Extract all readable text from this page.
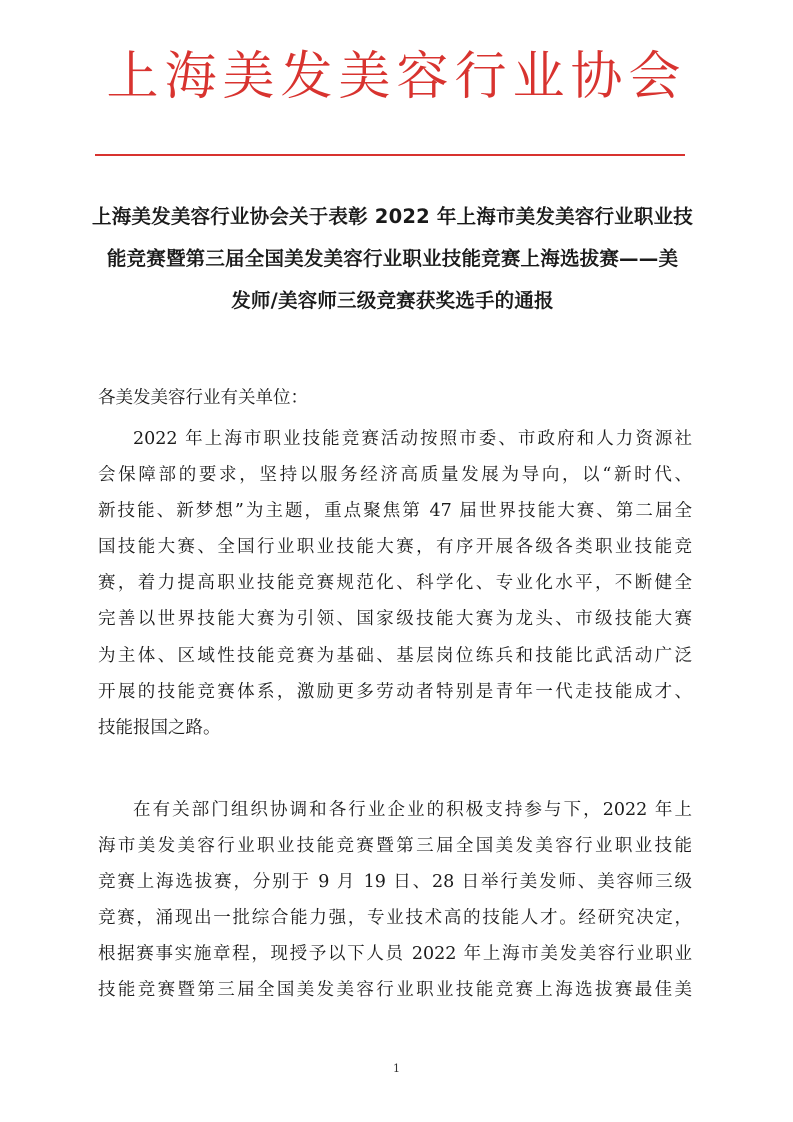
上海美发美容行业协会
上海美发美容行业协会关于表彰 2022 年上海市美发美容行业职业技
能竞赛暨第三届全国美发美容行业职业技能竞赛上海选拔赛——美
发师/美容师三级竞赛获奖选手的通报
各美发美容行业有关单位：
2022 年上海市职业技能竞赛活动按照市委、市政府和人力资源社
会保障部的要求，坚持以服务经济高质量发展为导向，以“新时代、
新技能、新梦想”为主题，重点聚焦第 47 届世界技能大赛、第二届全
国技能大赛、全国行业职业技能大赛，有序开展各级各类职业技能竞
赛，着力提高职业技能竞赛规范化、科学化、专业化水平，不断健全
完善以世界技能大赛为引领、国家级技能大赛为龙头、市级技能大赛
为主体、区域性技能竞赛为基础、基层岗位练兵和技能比武活动广泛
开展的技能竞赛体系，激励更多劳动者特别是青年一代走技能成才、
技能报国之路。
在有关部门组织协调和各行业企业的积极支持参与下，2022 年上
海市美发美容行业职业技能竞赛暨第三届全国美发美容行业职业技能
竞赛上海选拔赛，分别于 9 月 19 日、28 日举行美发师、美容师三级
竞赛，涌现出一批综合能力强，专业技术高的技能人才。经研究决定，
根据赛事实施章程，现授予以下人员 2022 年上海市美发美容行业职业
技能竞赛暨第三届全国美发美容行业职业技能竞赛上海选拔赛最佳美
1
